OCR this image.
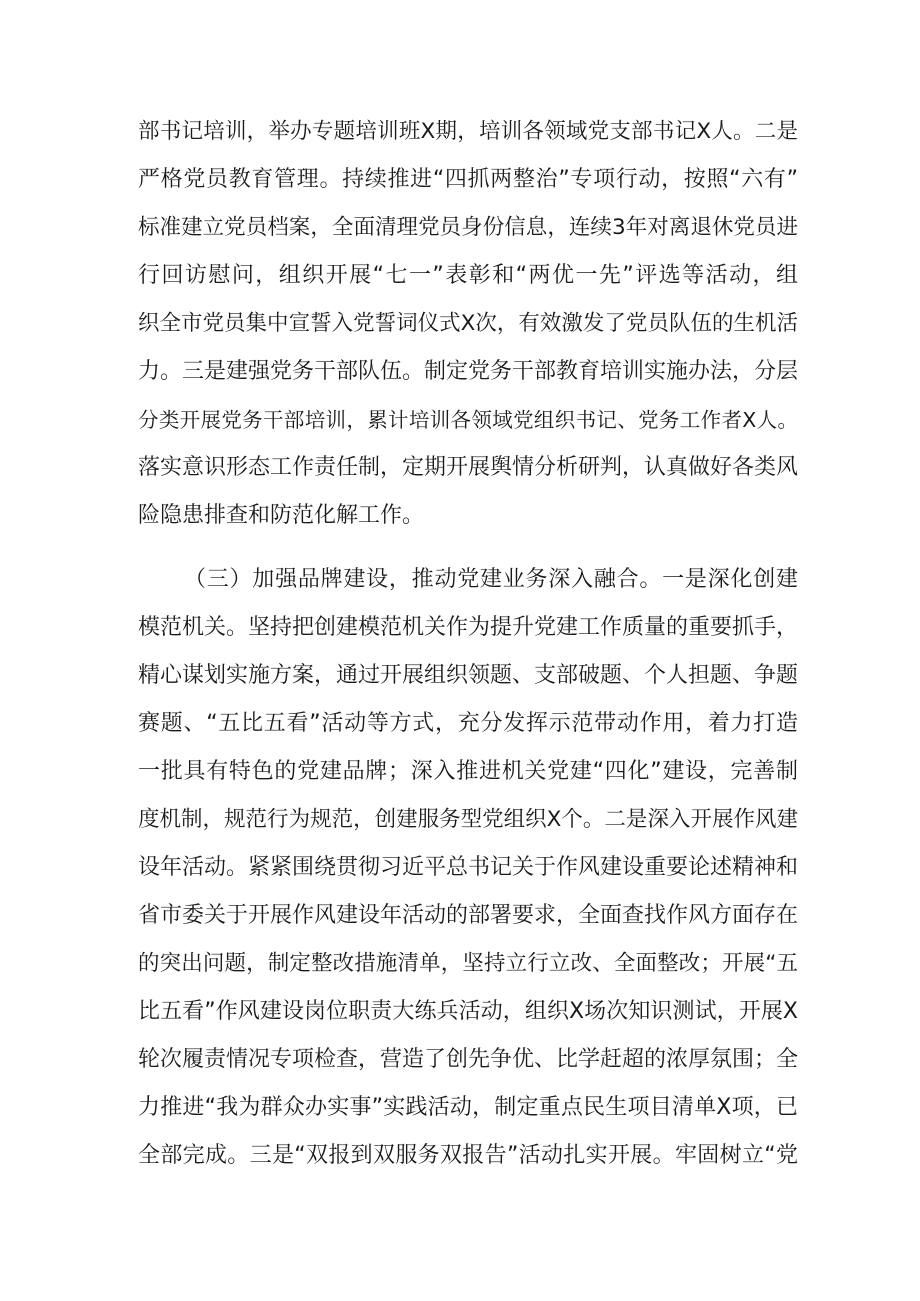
部书记培训，举办专题培训班X期，培训各领域党支部书记X人。二是
严格党员教育管理。持续推进“四抓两整治”专项行动，按照“六有”
标准建立党员档案，全面清理党员身份信息，连续3年对离退休党员进
行回访慰问，组织开展“七一”表彰和“两优一先”评选等活动，组
织全市党员集中宣誓入党誓词仪式X次，有效激发了党员队伍的生机活
力。三是建强党务干部队伍。制定党务干部教育培训实施办法，分层
分类开展党务干部培训，累计培训各领域党组织书记、党务工作者X人。
落实意识形态工作责任制，定期开展舆情分析研判，认真做好各类风
险隐患排查和防范化解工作。
（三）加强品牌建设，推动党建业务深入融合。一是深化创建
模范机关。坚持把创建模范机关作为提升党建工作质量的重要抓手，
精心谋划实施方案，通过开展组织领题、支部破题、个人担题、争题
赛题、“五比五看”活动等方式，充分发挥示范带动作用，着力打造
一批具有特色的党建品牌；深入推进机关党建“四化”建设，完善制
度机制，规范行为规范，创建服务型党组织X个。二是深入开展作风建
设年活动。紧紧围绕贯彻习近平总书记关于作风建设重要论述精神和
省市委关于开展作风建设年活动的部署要求，全面查找作风方面存在
的突出问题，制定整改措施清单，坚持立行立改、全面整改；开展“五
比五看”作风建设岗位职责大练兵活动，组织X场次知识测试，开展X
轮次履责情况专项检查，营造了创先争优、比学赶超的浓厚氛围；全
力推进“我为群众办实事”实践活动，制定重点民生项目清单X项，已
全部完成。三是“双报到双服务双报告”活动扎实开展。牢固树立“党
